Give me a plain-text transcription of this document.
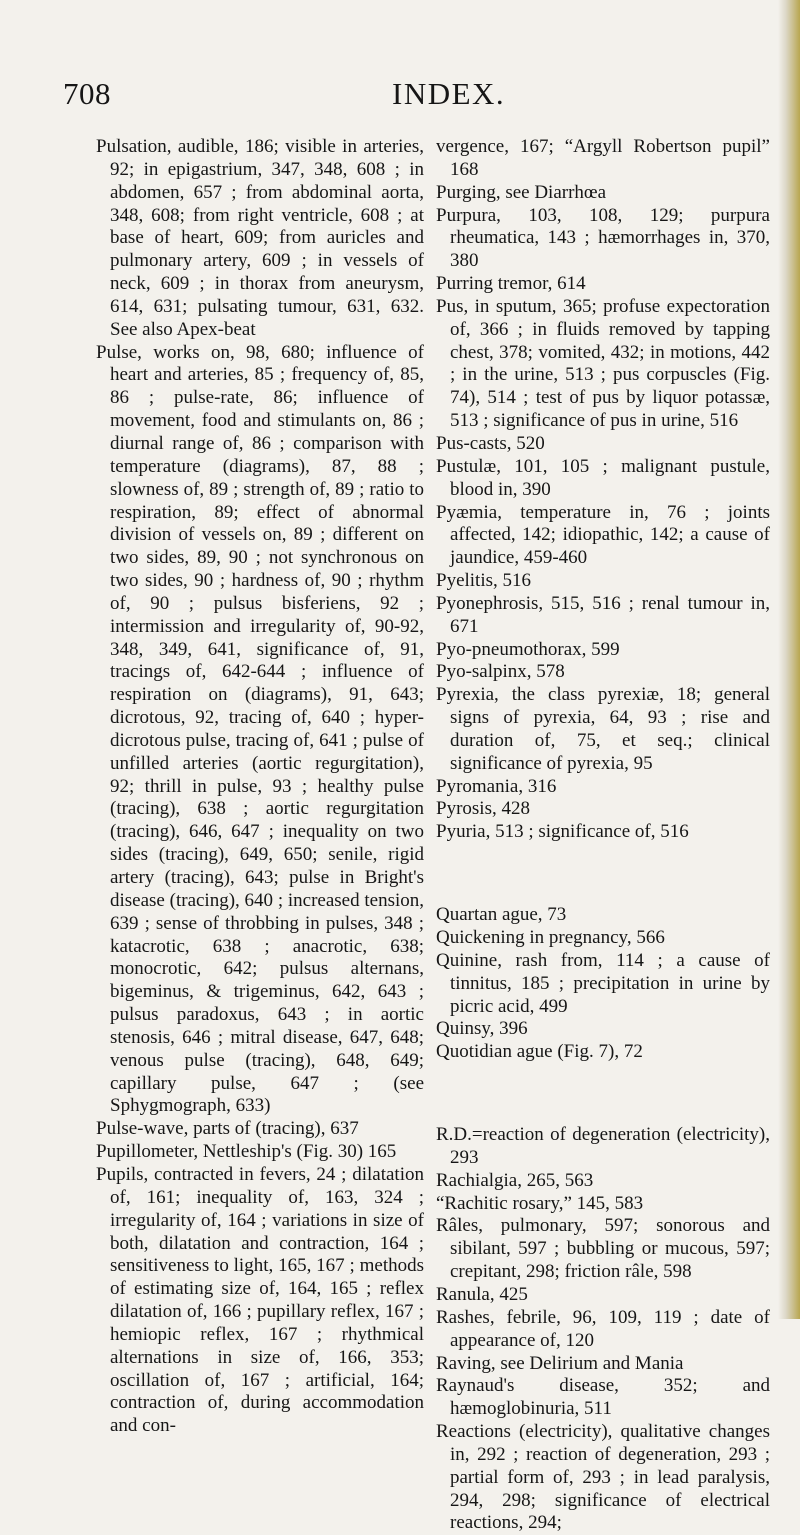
708	INDEX.

Pulsation, audible, 186; visible in arteries, 92; in epigastrium, 347, 348, 608 ; in abdomen, 657 ; from abdominal aorta, 348, 608; from right ventricle, 608 ; at base of heart, 609; from auricles and pulmonary artery, 609 ; in vessels of neck, 609 ; in thorax from aneurysm, 614, 631; pulsating tumour, 631, 632. See also Apex-beat

Pulse, works on, 98, 680; influence of heart and arteries, 85 ; frequency of, 85, 86 ; pulse-rate, 86; influence of movement, food and stimulants on, 86 ; diurnal range of, 86 ; comparison with temperature (diagrams), 87, 88 ; slowness of, 89 ; strength of, 89 ; ratio to respiration, 89; effect of abnormal division of vessels on, 89 ; different on two sides, 89, 90 ; not synchronous on two sides, 90 ; hardness of, 90 ; rhythm of, 90 ; pulsus bisferiens, 92 ; intermission and irregularity of, 90-92, 348, 349, 641, significance of, 91, tracings of, 642-644 ; influence of respiration on (diagrams), 91, 643; dicrotous, 92, tracing of, 640 ; hyper-dicrotous pulse, tracing of, 641 ; pulse of unfilled arteries (aortic regurgitation), 92; thrill in pulse, 93 ; healthy pulse (tracing), 638 ; aortic regurgitation (tracing), 646, 647 ; inequality on two sides (tracing), 649, 650; senile, rigid artery (tracing), 643; pulse in Bright's disease (tracing), 640 ; increased tension, 639 ; sense of throbbing in pulses, 348 ; katacrotic, 638 ; anacrotic, 638; monocrotic, 642; pulsus alternans, bigeminus, & trigeminus, 642, 643 ; pulsus paradoxus, 643 ; in aortic stenosis, 646 ; mitral disease, 647, 648; venous pulse (tracing), 648, 649; capillary pulse, 647 ; (see Sphygmograph, 633)

Pulse-wave, parts of (tracing), 637

Pupillometer, Nettleship's (Fig. 30) 165

Pupils, contracted in fevers, 24 ; dilatation of, 161; inequality of, 163, 324 ; irregularity of, 164 ; variations in size of both, dilatation and contraction, 164 ; sensitiveness to light, 165, 167 ; methods of estimating size of, 164, 165 ; reflex dilatation of, 166 ; pupillary reflex, 167 ; hemiopic reflex, 167 ; rhythmical alternations in size of, 166, 353; oscillation of, 167 ; artificial, 164; contraction of, during accommodation and con-

vergence, 167; “Argyll Robertson pupil” 168

Purging, see Diarrhœa

Purpura, 103, 108, 129; purpura rheumatica, 143 ; hæmorrhages in, 370, 380

Purring tremor, 614

Pus, in sputum, 365; profuse expectoration of, 366 ; in fluids removed by tapping chest, 378; vomited, 432; in motions, 442 ; in the urine, 513 ; pus corpuscles (Fig. 74), 514 ; test of pus by liquor potassæ, 513 ; significance of pus in urine, 516

Pus-casts, 520

Pustulæ, 101, 105 ; malignant pustule, blood in, 390

Pyæmia, temperature in, 76 ; joints affected, 142; idiopathic, 142; a cause of jaundice, 459-460

Pyelitis, 516

Pyonephrosis, 515, 516 ; renal tumour in, 671

Pyo-pneumothorax, 599

Pyo-salpinx, 578

Pyrexia, the class pyrexiæ, 18; general signs of pyrexia, 64, 93 ; rise and duration of, 75, et seq.; clinical significance of pyrexia, 95

Pyromania, 316

Pyrosis, 428

Pyuria, 513 ; significance of, 516

Quartan ague, 73

Quickening in pregnancy, 566

Quinine, rash from, 114 ; a cause of tinnitus, 185 ; precipitation in urine by picric acid, 499

Quinsy, 396

Quotidian ague (Fig. 7), 72

R.D.=reaction of degeneration (electricity), 293

Rachialgia, 265, 563

“Rachitic rosary,” 145, 583

Râles, pulmonary, 597; sonorous and sibilant, 597 ; bubbling or mucous, 597; crepitant, 298; friction râle, 598

Ranula, 425

Rashes, febrile, 96, 109, 119 ; date of appearance of, 120

Raving, see Delirium and Mania

Raynaud's disease, 352; and hæmoglobinuria, 511

Reactions (electricity), qualitative changes in, 292 ; reaction of degeneration, 293 ; partial form of, 293 ; in lead paralysis, 294, 298; significance of electrical reactions, 294;
